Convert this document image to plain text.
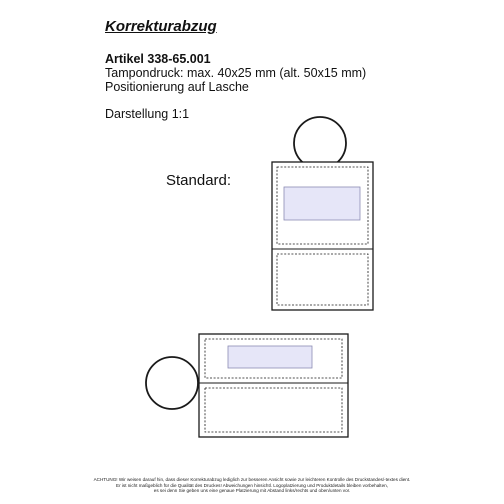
Korrekturabzug
Artikel 338-65.001
Tampondruck: max. 40x25 mm (alt. 50x15 mm)
Positionierung auf Lasche
Darstellung 1:1
Standard:
ACHTUNG! Wir weisen darauf hin, dass dieser Korrekturabzug lediglich zur besseren Ansicht sowie zur leichteren Kontrolle des Druckstandes/-textes dient.
Er ist nicht maßgeblich für die Qualität des Druckes! Abweichungen hinsichtl. Logoplatzierung und Produktdetails bleiben vorbehalten,
es sei denn Sie geben uns eine genaue Platzierung mit Abstand links/rechts und oben/unten vor.
